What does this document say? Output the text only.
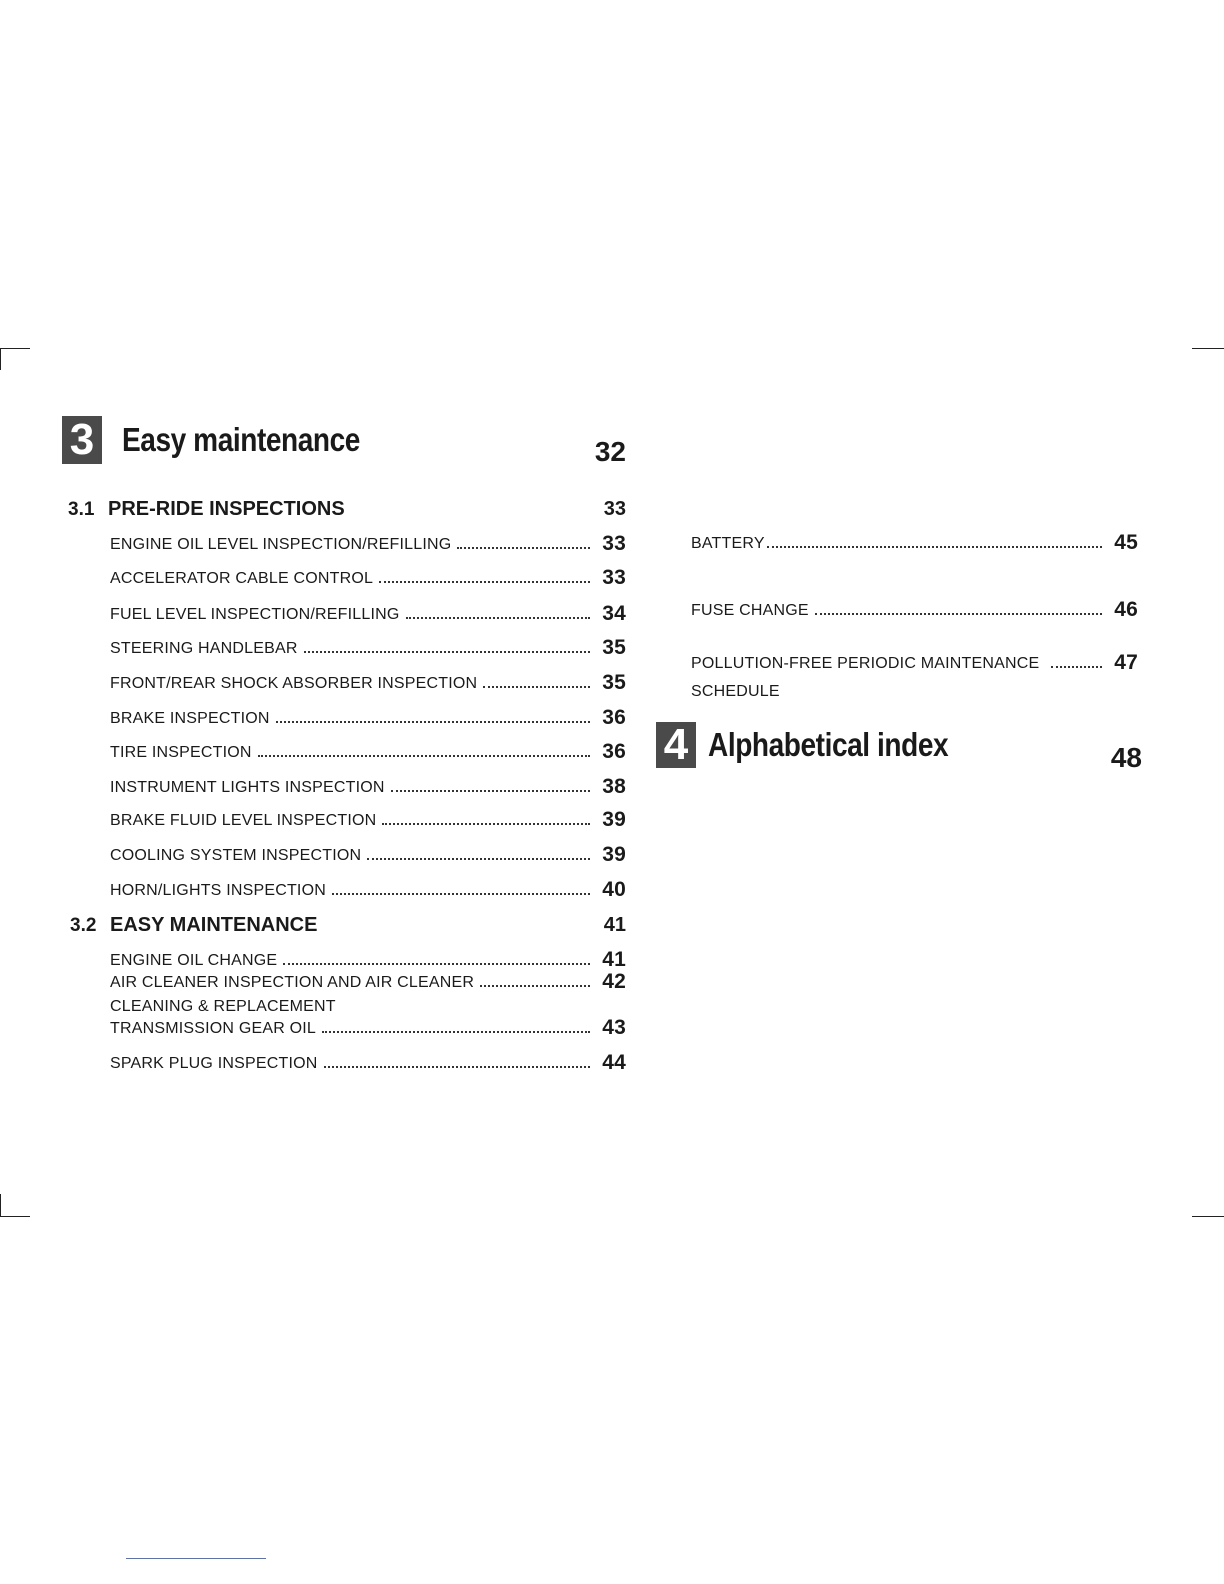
3 Easy maintenance	32
3.1 PRE-RIDE INSPECTIONS	33
ENGINE OIL LEVEL INSPECTION/REFILLING	33
ACCELERATOR CABLE CONTROL	33
FUEL LEVEL INSPECTION/REFILLING	34
STEERING HANDLEBAR	35
FRONT/REAR SHOCK ABSORBER INSPECTION	35
BRAKE INSPECTION	36
TIRE INSPECTION	36
INSTRUMENT LIGHTS INSPECTION	38
BRAKE FLUID LEVEL INSPECTION	39
COOLING SYSTEM INSPECTION	39
HORN/LIGHTS INSPECTION	40
3.2 EASY MAINTENANCE	41
ENGINE OIL CHANGE	41
AIR CLEANER INSPECTION AND AIR CLEANER	42
CLEANING & REPLACEMENT
TRANSMISSION GEAR OIL	43
SPARK PLUG INSPECTION	44
BATTERY	45
FUSE CHANGE	46
POLLUTION-FREE PERIODIC MAINTENANCE	47
SCHEDULE
4 Alphabetical index	48
